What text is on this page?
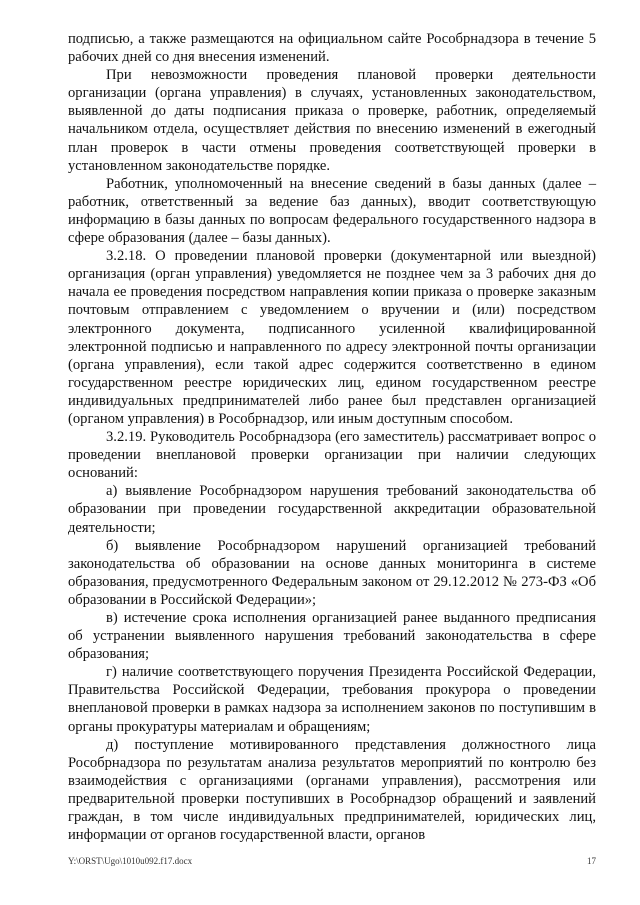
подписью, а также размещаются на официальном сайте Рособрнадзора в течение 5 рабочих дней со дня внесения изменений.

При невозможности проведения плановой проверки деятельности организации (органа управления) в случаях, установленных законодательством, выявленной до даты подписания приказа о проверке, работник, определяемый начальником отдела, осуществляет действия по внесению изменений в ежегодный план проверок в части отмены проведения соответствующей проверки в установленном законодательстве порядке.

Работник, уполномоченный на внесение сведений в базы данных (далее – работник, ответственный за ведение баз данных), вводит соответствующую информацию в базы данных по вопросам федерального государственного надзора в сфере образования (далее – базы данных).

3.2.18. О проведении плановой проверки (документарной или выездной) организация (орган управления) уведомляется не позднее чем за 3 рабочих дня до начала ее проведения посредством направления копии приказа о проверке заказным почтовым отправлением с уведомлением о вручении и (или) посредством электронного документа, подписанного усиленной квалифицированной электронной подписью и направленного по адресу электронной почты организации (органа управления), если такой адрес содержится соответственно в едином государственном реестре юридических лиц, едином государственном реестре индивидуальных предпринимателей либо ранее был представлен организацией (органом управления) в Рособрнадзор, или иным доступным способом.

3.2.19. Руководитель Рособрнадзора (его заместитель) рассматривает вопрос о проведении внеплановой проверки организации при наличии следующих оснований:

а) выявление Рособрнадзором нарушения требований законодательства об образовании при проведении государственной аккредитации образовательной деятельности;

б) выявление Рособрнадзором нарушений организацией требований законодательства об образовании на основе данных мониторинга в системе образования, предусмотренного Федеральным законом от 29.12.2012 № 273-ФЗ «Об образовании в Российской Федерации»;

в) истечение срока исполнения организацией ранее выданного предписания об устранении выявленного нарушения требований законодательства в сфере образования;

г) наличие соответствующего поручения Президента Российской Федерации, Правительства Российской Федерации, требования прокурора о проведении внеплановой проверки в рамках надзора за исполнением законов по поступившим в органы прокуратуры материалам и обращениям;

д) поступление мотивированного представления должностного лица Рособрнадзора по результатам анализа результатов мероприятий по контролю без взаимодействия с организациями (органами управления), рассмотрения или предварительной проверки поступивших в Рособрнадзор обращений и заявлений граждан, в том числе индивидуальных предпринимателей, юридических лиц, информации от органов государственной власти, органов

Y:\ORST\Ugo\1010u092.f17.docx	17
